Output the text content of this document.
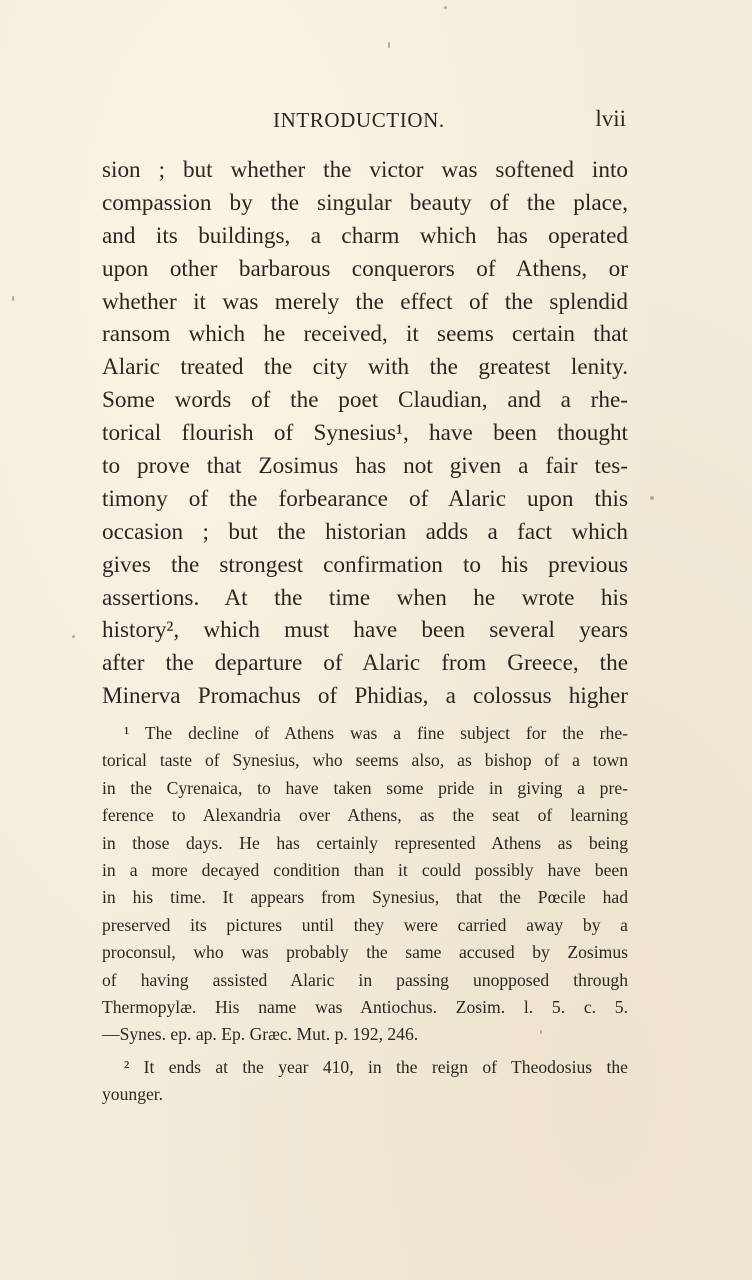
INTRODUCTION.	lvii
sion ; but whether the victor was softened into
compassion by the singular beauty of the place,
and its buildings, a charm which has operated
upon other barbarous conquerors of Athens, or
whether it was merely the effect of the splendid
ransom which he received, it seems certain that
Alaric treated the city with the greatest lenity.
Some words of the poet Claudian, and a rhe-
torical flourish of Synesius¹, have been thought
to prove that Zosimus has not given a fair tes-
timony of the forbearance of Alaric upon this
occasion ; but the historian adds a fact which
gives the strongest confirmation to his previous
assertions. At the time when he wrote his
history², which must have been several years
after the departure of Alaric from Greece, the
Minerva Promachus of Phidias, a colossus higher
¹ The decline of Athens was a fine subject for the rhe-
torical taste of Synesius, who seems also, as bishop of a town
in the Cyrenaica, to have taken some pride in giving a pre-
ference to Alexandria over Athens, as the seat of learning
in those days. He has certainly represented Athens as being
in a more decayed condition than it could possibly have been
in his time. It appears from Synesius, that the Pœcile had
preserved its pictures until they were carried away by a
proconsul, who was probably the same accused by Zosimus
of having assisted Alaric in passing unopposed through
Thermopylæ. His name was Antiochus. Zosim. l. 5. c. 5.
—Synes. ep. ap. Ep. Græc. Mut. p. 192, 246.
² It ends at the year 410, in the reign of Theodosius the
younger.
